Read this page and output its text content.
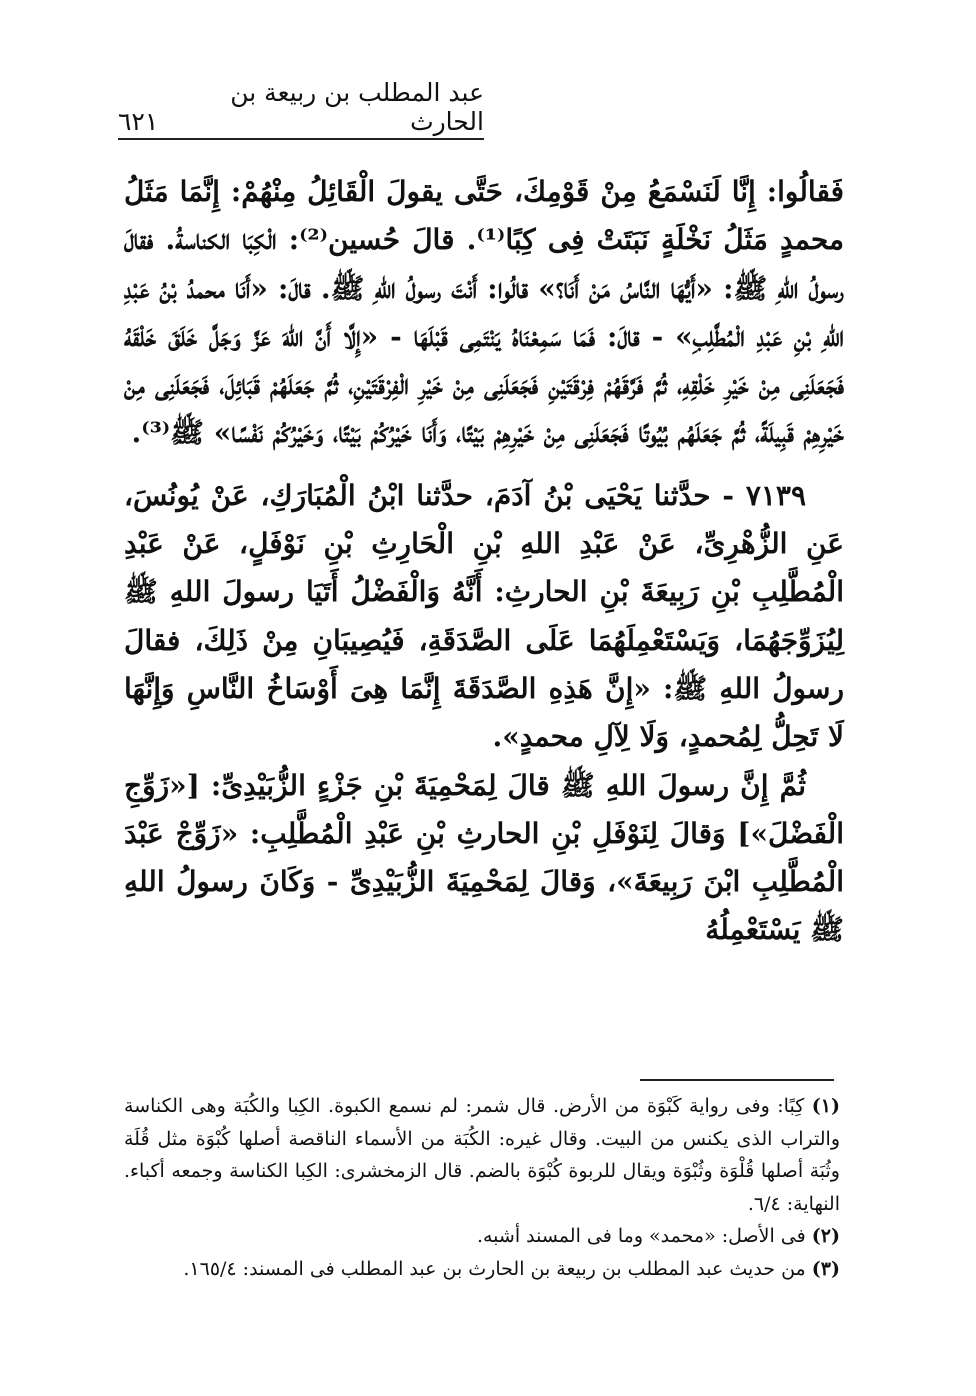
عبد المطلب بن ربيعة بن الحارث
٦٢١

فَقالُوا: إِنَّا لَنَسْمَعُ مِنْ قَوْمِكَ، حَتَّى يقولَ الْقَائِلُ مِنْهُمْ: إِنَّمَا مَثَلُ محمدٍ مَثَلُ نَخْلَةٍ نَبَتَتْ فِى كِبًا⁽¹⁾. قالَ حُسين⁽²⁾: الْكِبَا الكناسةُ. فقالَ رسولُ اللهِ ﷺ: «أَيُّهَا النَّاسُ مَنْ أَنَا؟» قالُوا: أَنْتَ رسولُ اللهِ ﷺ. قالَ: «أَنَا محمدُ بْنُ عَبْدِ اللهِ بْنِ عَبْدِ الْمُطَّلِبِ» - قالَ: فَمَا سَمِعْنَاهُ يَنْتَمِى قَبْلَهَا - «إِلَّا أَنَّ اللهَ عَزَّ وَجَلَّ خَلَقَ خَلْقَهُ فَجَعَلَنِى مِنْ خَيْرِ خَلْقِهِ، ثُمَّ فَرَّقَهُمْ فِرْقَتَيْنِ فَجَعَلَنِى مِنْ خَيْرِ الْفِرْقَتَيْنِ، ثُمَّ جَعَلَهُمْ قَبَائِلَ، فَجَعَلَنِى مِنْ خَيْرِهِمْ قَبِيلَةً، ثُمَّ جَعَلَهُم بُيُوتًا فَجَعَلَنِى مِنْ خَيْرِهِمْ بَيْتًا، وَأَنَا خَيْرُكُمْ بَيْتًا، وَخَيْرُكُمْ نَفْسًا» ﷺ⁽³⁾.

٧١٣٩ - حدَّثنا يَحْيَى بْنُ آدَمَ، حدَّثنا ابْنُ الْمُبَارَكِ، عَنْ يُونُسَ، عَنِ الزُّهْرِىِّ، عَنْ عَبْدِ اللهِ بْنِ الْحَارِثِ بْنِ نَوْفَلٍ، عَنْ عَبْدِ الْمُطَّلِبِ بْنِ رَبِيعَةَ بْنِ الحارثِ: أَنَّهُ وَالْفَضْلُ أَتَيَا رسولَ اللهِ ﷺ لِيُزَوِّجَهُمَا، وَيَسْتَعْمِلَهُمَا عَلَى الصَّدَقَةِ، فَيُصِيبَانِ مِنْ ذَلِكَ، فقالَ رسولُ اللهِ ﷺ: «إِنَّ هَذِهِ الصَّدَقَةَ إِنَّمَا هِىَ أَوْسَاخُ النَّاسِ وَإِنَّهَا لَا تَحِلُّ لِمُحمدٍ، وَلَا لِآلِ محمدٍ».

ثُمَّ إِنَّ رسولَ اللهِ ﷺ قالَ لِمَحْمِيَةَ بْنِ جَزْءٍ الزُّبَيْدِىِّ: [«زَوِّجِ الْفَضْلَ»] وَقالَ لِنَوْفَلِ بْنِ الحارثِ بْنِ عَبْدِ الْمُطَّلِبِ: «زَوِّجْ عَبْدَ الْمُطَّلِبِ ابْنَ رَبِيعَةَ»، وَقالَ لِمَحْمِيَةَ الزُّبَيْدِىِّ - وَكَانَ رسولُ اللهِ ﷺ يَسْتَعْمِلُهُ

(١) كِبًا: وفى رواية كَبْوَة من الأرض. قال شمر: لم نسمع الكبوة. الكِبا والكُبَة وهى الكناسة والتراب الذى يكنس من البيت. وقال غيره: الكُبَة من الأسماء الناقصة أصلها كُبْوَة مثل قُلَة وثُبَة أصلها قُلْوَة وثُبْوَة ويقال للربوة كُبْوَة بالضم. قال الزمخشرى: الكِبا الكناسة وجمعه أكباء. النهاية: ٦/٤.

(٢) فى الأصل: «محمد» وما فى المسند أشبه.

(٣) من حديث عبد المطلب بن ربيعة بن الحارث بن عبد المطلب فى المسند: ١٦٥/٤.
